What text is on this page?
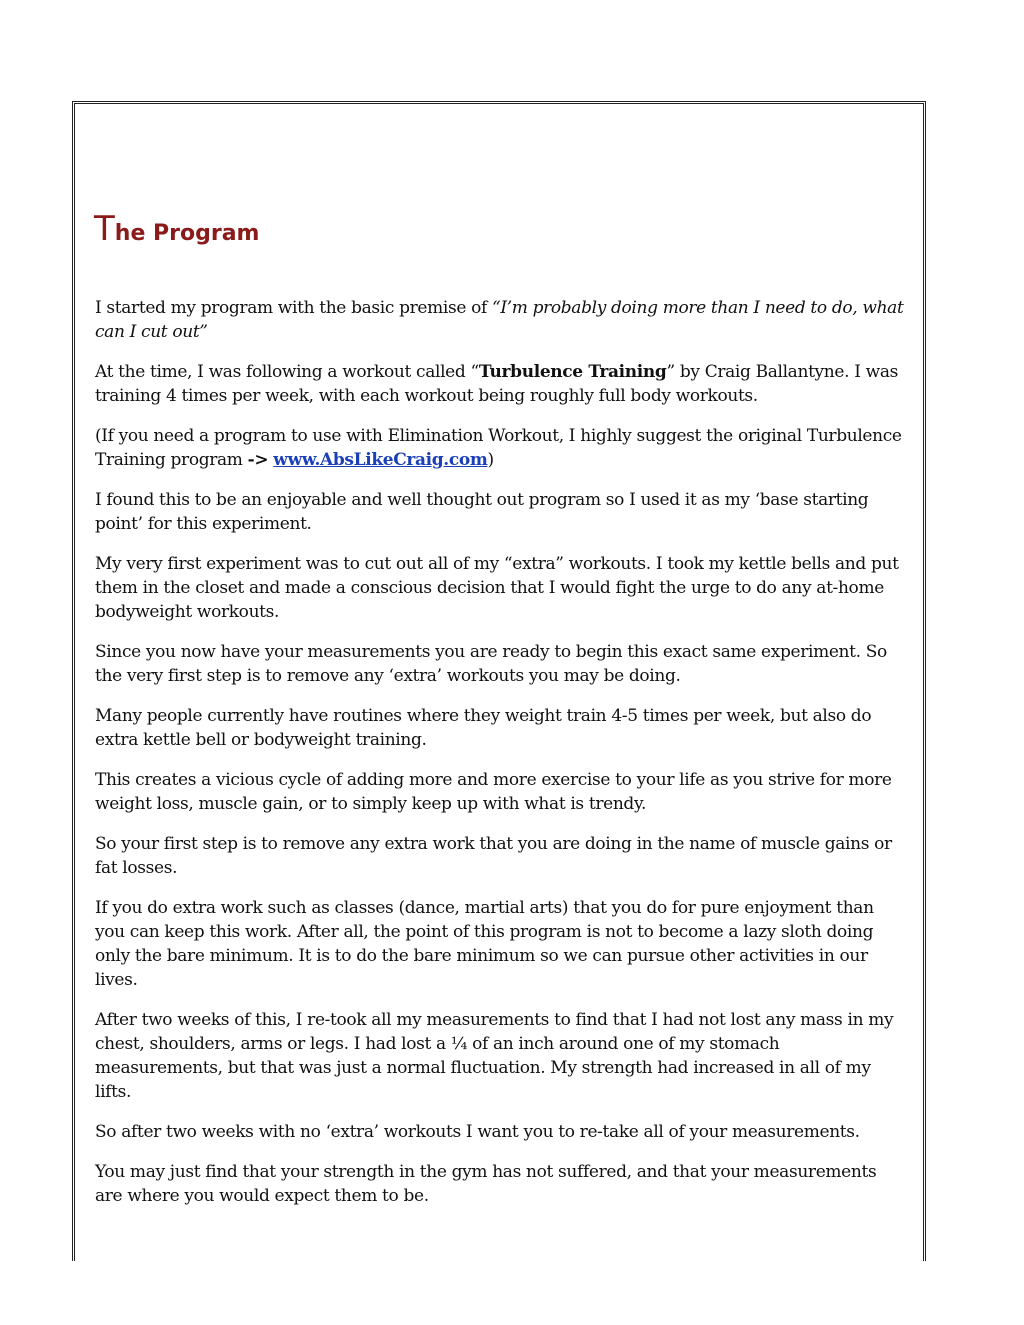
The Program

I started my program with the basic premise of “I’m probably doing more than I need to do, what can I cut out”

At the time, I was following a workout called “Turbulence Training” by Craig Ballantyne. I was training 4 times per week, with each workout being roughly full body workouts.

(If you need a program to use with Elimination Workout, I highly suggest the original Turbulence Training program -> www.AbsLikeCraig.com)

I found this to be an enjoyable and well thought out program so I used it as my ‘base starting point’ for this experiment.

My very first experiment was to cut out all of my “extra” workouts. I took my kettle bells and put them in the closet and made a conscious decision that I would fight the urge to do any at-home bodyweight workouts.

Since you now have your measurements you are ready to begin this exact same experiment. So the very first step is to remove any ‘extra’ workouts you may be doing.

Many people currently have routines where they weight train 4-5 times per week, but also do extra kettle bell or bodyweight training.

This creates a vicious cycle of adding more and more exercise to your life as you strive for more weight loss, muscle gain, or to simply keep up with what is trendy.

So your first step is to remove any extra work that you are doing in the name of muscle gains or fat losses.

If you do extra work such as classes (dance, martial arts) that you do for pure enjoyment than you can keep this work. After all, the point of this program is not to become a lazy sloth doing only the bare minimum. It is to do the bare minimum so we can pursue other activities in our lives.

After two weeks of this, I re-took all my measurements to find that I had not lost any mass in my chest, shoulders, arms or legs. I had lost a ¼ of an inch around one of my stomach measurements, but that was just a normal fluctuation. My strength had increased in all of my lifts.

So after two weeks with no ‘extra’ workouts I want you to re-take all of your measurements.

You may just find that your strength in the gym has not suffered, and that your measurements are where you would expect them to be.
